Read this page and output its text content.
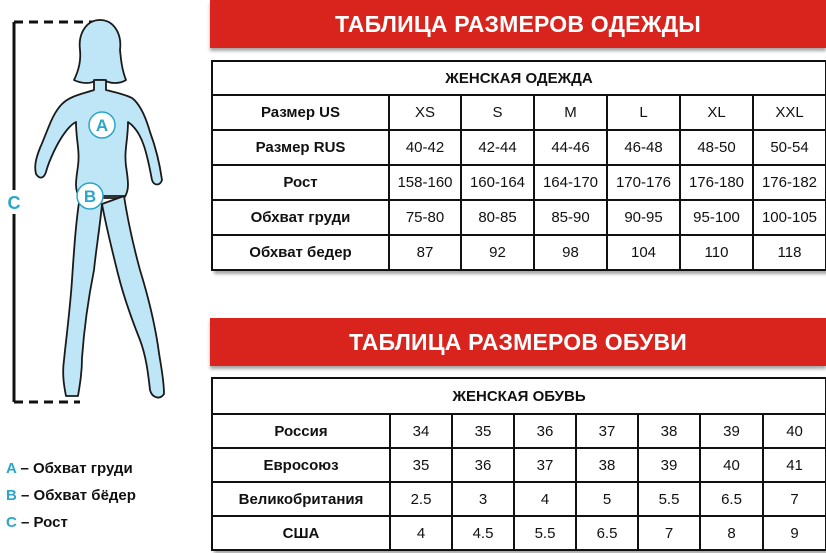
A
B
C
A – Обхват груди
B – Обхват бёдер
C – Рост
ТАБЛИЦА РАЗМЕРОВ ОДЕЖДЫ
ЖЕНСКАЯ ОДЕЖДА						
Размер US	XS	S	M	L	XL	XXL
Размер RUS	40-42	42-44	44-46	46-48	48-50	50-54
Рост	158-160	160-164	164-170	170-176	176-180	176-182
Обхват груди	75-80	80-85	85-90	90-95	95-100	100-105
Обхват бедер	87	92	98	104	110	118
ТАБЛИЦА РАЗМЕРОВ ОБУВИ
ЖЕНСКАЯ ОБУВЬ							
Россия	34	35	36	37	38	39	40
Евросоюз	35	36	37	38	39	40	41
Великобритания	2.5	3	4	5	5.5	6.5	7
США	4	4.5	5.5	6.5	7	8	9
